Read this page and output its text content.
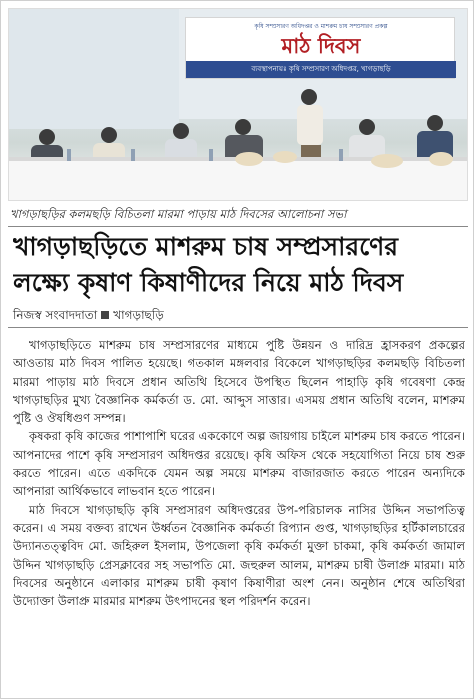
কৃষি সম্প্রসারণ অধিদপ্তর ও মাশরুম চাষ সম্প্রসারণ প্রকল্প
মাঠ দিবস
ব্যবস্থাপনায়ঃ কৃষি সম্প্রসারণ অধিদপ্তর, খাগড়াছড়ি
খাগড়াছড়ির কলমছড়ি বিচিতলা মারমা পাড়ায় মাঠ দিবসের আলোচনা সভা
খাগড়াছড়িতে মাশরুম চাষ সম্প্রসারণের
লক্ষ্যে কৃষাণ কিষাণীদের নিয়ে মাঠ দিবস
নিজস্ব সংবাদদাতা খাগড়াছড়ি

খাগড়াছড়িতে মাশরুম চাষ সম্প্রসারণের মাধ্যমে পুষ্টি উন্নয়ন ও দারিদ্র হ্রাসকরণ প্রকল্পের আওতায় মাঠ দিবস পালিত হয়েছে। গতকাল মঙ্গলবার বিকেলে খাগড়াছড়ির কলমছড়ি বিচিতলা মারমা পাড়ায় মাঠ দিবসে প্রধান অতিথি হিসেবে উপস্থিত ছিলেন পাহাড়ি কৃষি গবেষণা কেন্দ্র খাগড়াছড়ির মুখ্য বৈজ্ঞানিক কর্মকর্তা ড. মো. আব্দুস সাত্তার। এসময় প্রধান অতিথি বলেন, মাশরুম পুষ্টি ও ঔষধিগুণ সম্পন্ন।

কৃষকরা কৃষি কাজের পাশাপাশি ঘরের এককোণে অল্প জায়গায় চাইলে মাশরুম চাষ করতে পারেন। আপনাদের পাশে কৃষি সম্প্রসারণ অধিদপ্তর রয়েছে। কৃষি অফিস থেকে সহযোগিতা নিয়ে চাষ শুরু করতে পারেন। এতে একদিকে যেমন অল্প সময়ে মাশরুম বাজারজাত করতে পারেন অন্যদিকে আপনারা আর্থিকভাবে লাভবান হতে পারেন।

মাঠ দিবসে খাগড়াছড়ি কৃষি সম্প্রসারণ অধিদপ্তরের উপ-পরিচালক নাসির উদ্দিন সভাপতিত্ব করেন। এ সময় বক্তব্য রাখেন উর্ধ্বতন বৈজ্ঞানিক কর্মকর্তা রিপ্যান গুপ্ত, খাগড়াছড়ির হর্টিকালচারের উদ্যানতত্ত্ববিদ মো. জহিরুল ইসলাম, উপজেলা কৃষি কর্মকর্তা মুক্তা চাকমা, কৃষি কর্মকর্তা জামাল উদ্দিন খাগড়াছড়ি প্রেসক্লাবের সহ সভাপতি মো. জহুরুল আলম, মাশরুম চাষী উলাপ্রু মারমা। মাঠ দিবসের অনুষ্ঠানে এলাকার মাশরুম চাষী কৃষাণ কিষাণীরা অংশ নেন। অনুষ্ঠান শেষে অতিথিরা উদ্যোক্তা উলাপ্রু মারমার মাশরুম উৎপাদনের স্থল পরিদর্শন করেন।
